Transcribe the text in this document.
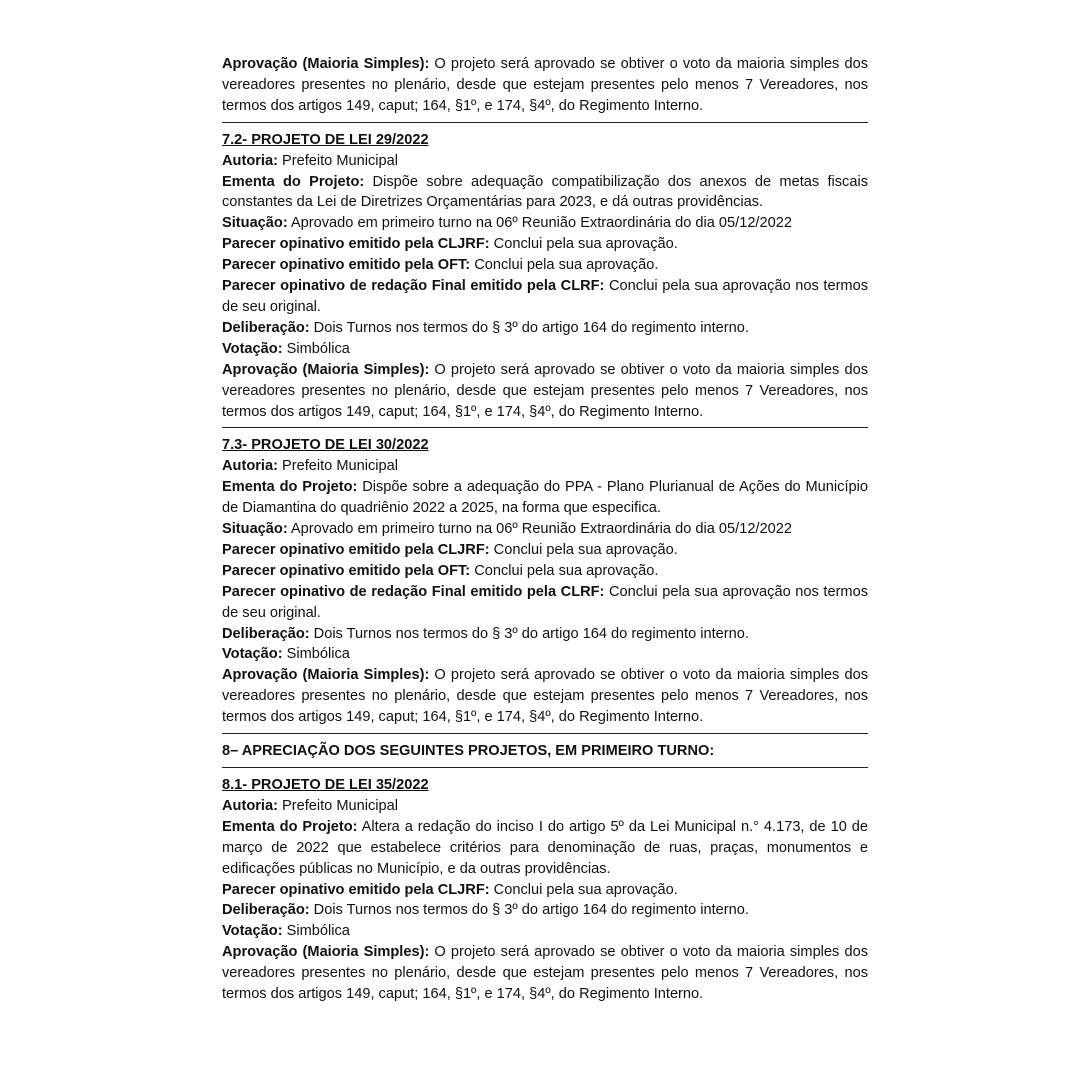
Aprovação (Maioria Simples): O projeto será aprovado se obtiver o voto da maioria simples dos vereadores presentes no plenário, desde que estejam presentes pelo menos 7 Vereadores, nos termos dos artigos 149, caput; 164, §1º, e 174, §4º, do Regimento Interno.

7.2- PROJETO DE LEI 29/2022

Autoria: Prefeito Municipal

Ementa do Projeto: Dispõe sobre adequação compatibilização dos anexos de metas fiscais constantes da Lei de Diretrizes Orçamentárias para 2023, e dá outras providências.

Situação: Aprovado em primeiro turno na 06º Reunião Extraordinária do dia 05/12/2022

Parecer opinativo emitido pela CLJRF: Conclui pela sua aprovação.

Parecer opinativo emitido pela OFT: Conclui pela sua aprovação.

Parecer opinativo de redação Final emitido pela CLRF: Conclui pela sua aprovação nos termos de seu original.

Deliberação: Dois Turnos nos termos do § 3º do artigo 164 do regimento interno.

Votação: Simbólica

Aprovação (Maioria Simples): O projeto será aprovado se obtiver o voto da maioria simples dos vereadores presentes no plenário, desde que estejam presentes pelo menos 7 Vereadores, nos termos dos artigos 149, caput; 164, §1º, e 174, §4º, do Regimento Interno.

7.3- PROJETO DE LEI 30/2022

Autoria: Prefeito Municipal

Ementa do Projeto: Dispõe sobre a adequação do PPA - Plano Plurianual de Ações do Município de Diamantina do quadriênio 2022 a 2025, na forma que especifica.

Situação: Aprovado em primeiro turno na 06º Reunião Extraordinária do dia 05/12/2022

Parecer opinativo emitido pela CLJRF: Conclui pela sua aprovação.

Parecer opinativo emitido pela OFT: Conclui pela sua aprovação.

Parecer opinativo de redação Final emitido pela CLRF: Conclui pela sua aprovação nos termos de seu original.

Deliberação: Dois Turnos nos termos do § 3º do artigo 164 do regimento interno.

Votação: Simbólica

Aprovação (Maioria Simples): O projeto será aprovado se obtiver o voto da maioria simples dos vereadores presentes no plenário, desde que estejam presentes pelo menos 7 Vereadores, nos termos dos artigos 149, caput; 164, §1º, e 174, §4º, do Regimento Interno.

8– APRECIAÇÃO DOS SEGUINTES PROJETOS, EM PRIMEIRO TURNO:

8.1- PROJETO DE LEI 35/2022

Autoria: Prefeito Municipal

Ementa do Projeto: Altera a redação do inciso I do artigo 5º da Lei Municipal n.° 4.173, de 10 de março de 2022 que estabelece critérios para denominação de ruas, praças, monumentos e edificações públicas no Município, e da outras providências.

Parecer opinativo emitido pela CLJRF: Conclui pela sua aprovação.

Deliberação: Dois Turnos nos termos do § 3º do artigo 164 do regimento interno.

Votação: Simbólica

Aprovação (Maioria Simples): O projeto será aprovado se obtiver o voto da maioria simples dos vereadores presentes no plenário, desde que estejam presentes pelo menos 7 Vereadores, nos termos dos artigos 149, caput; 164, §1º, e 174, §4º, do Regimento Interno.
